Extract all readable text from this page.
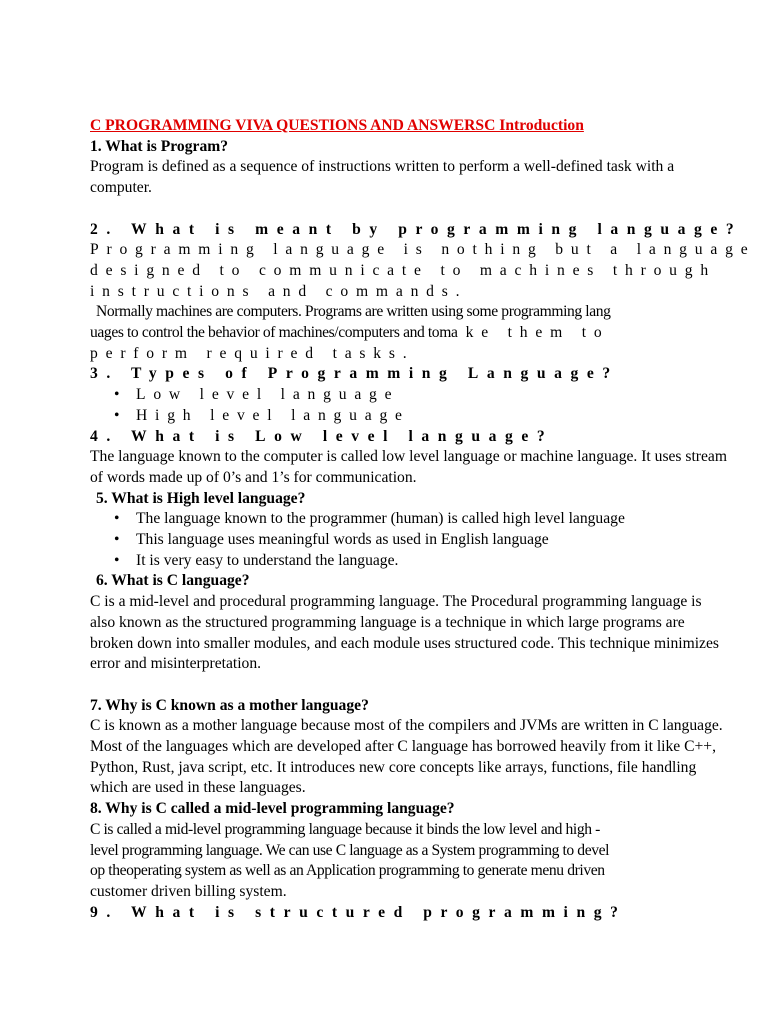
C PROGRAMMING VIVA QUESTIONS AND ANSWERSC Introduction
1. What is Program?

Program is defined as a sequence of instructions written to perform a well-defined task with a computer.

2. What is meant by programming language?
Programming language is nothing but a language
designed to communicate to machines through
instructions and commands.
Normally machines are computers. Programs are written using some programming lang
uages to control the behavior of machines/computers and tomake them to
perform required tasks.
3. Types of Programming Language?
• Low level language
• High level language
4. What is Low level language?

The language known to the computer is called low level language or machine language. It uses stream of words made up of 0’s and 1’s for communication.

5. What is High level language?
• The language known to the programmer (human) is called high level language
• This language uses meaningful words as used in English language
• It is very easy to understand the language.
6. What is C language?

C is a mid-level and procedural programming language. The Procedural programming language is also known as the structured programming language is a technique in which large programs are broken down into smaller modules, and each module uses structured code. This technique minimizes error and misinterpretation.

7. Why is C known as a mother language?

C is known as a mother language because most of the compilers and JVMs are written in C language. Most of the languages which are developed after C language has borrowed heavily from it like C++, Python, Rust, java script, etc. It introduces new core concepts like arrays, functions, file handling which are used in these languages.

8. Why is C called a mid-level programming language?
C is called a mid-level programming language because it binds the low level and high -
level programming language. We can use C language as a System programming to devel
op theoperating system as well as an Application programming to generate menu driven
customer driven billing system.
9. What is structured programming?
